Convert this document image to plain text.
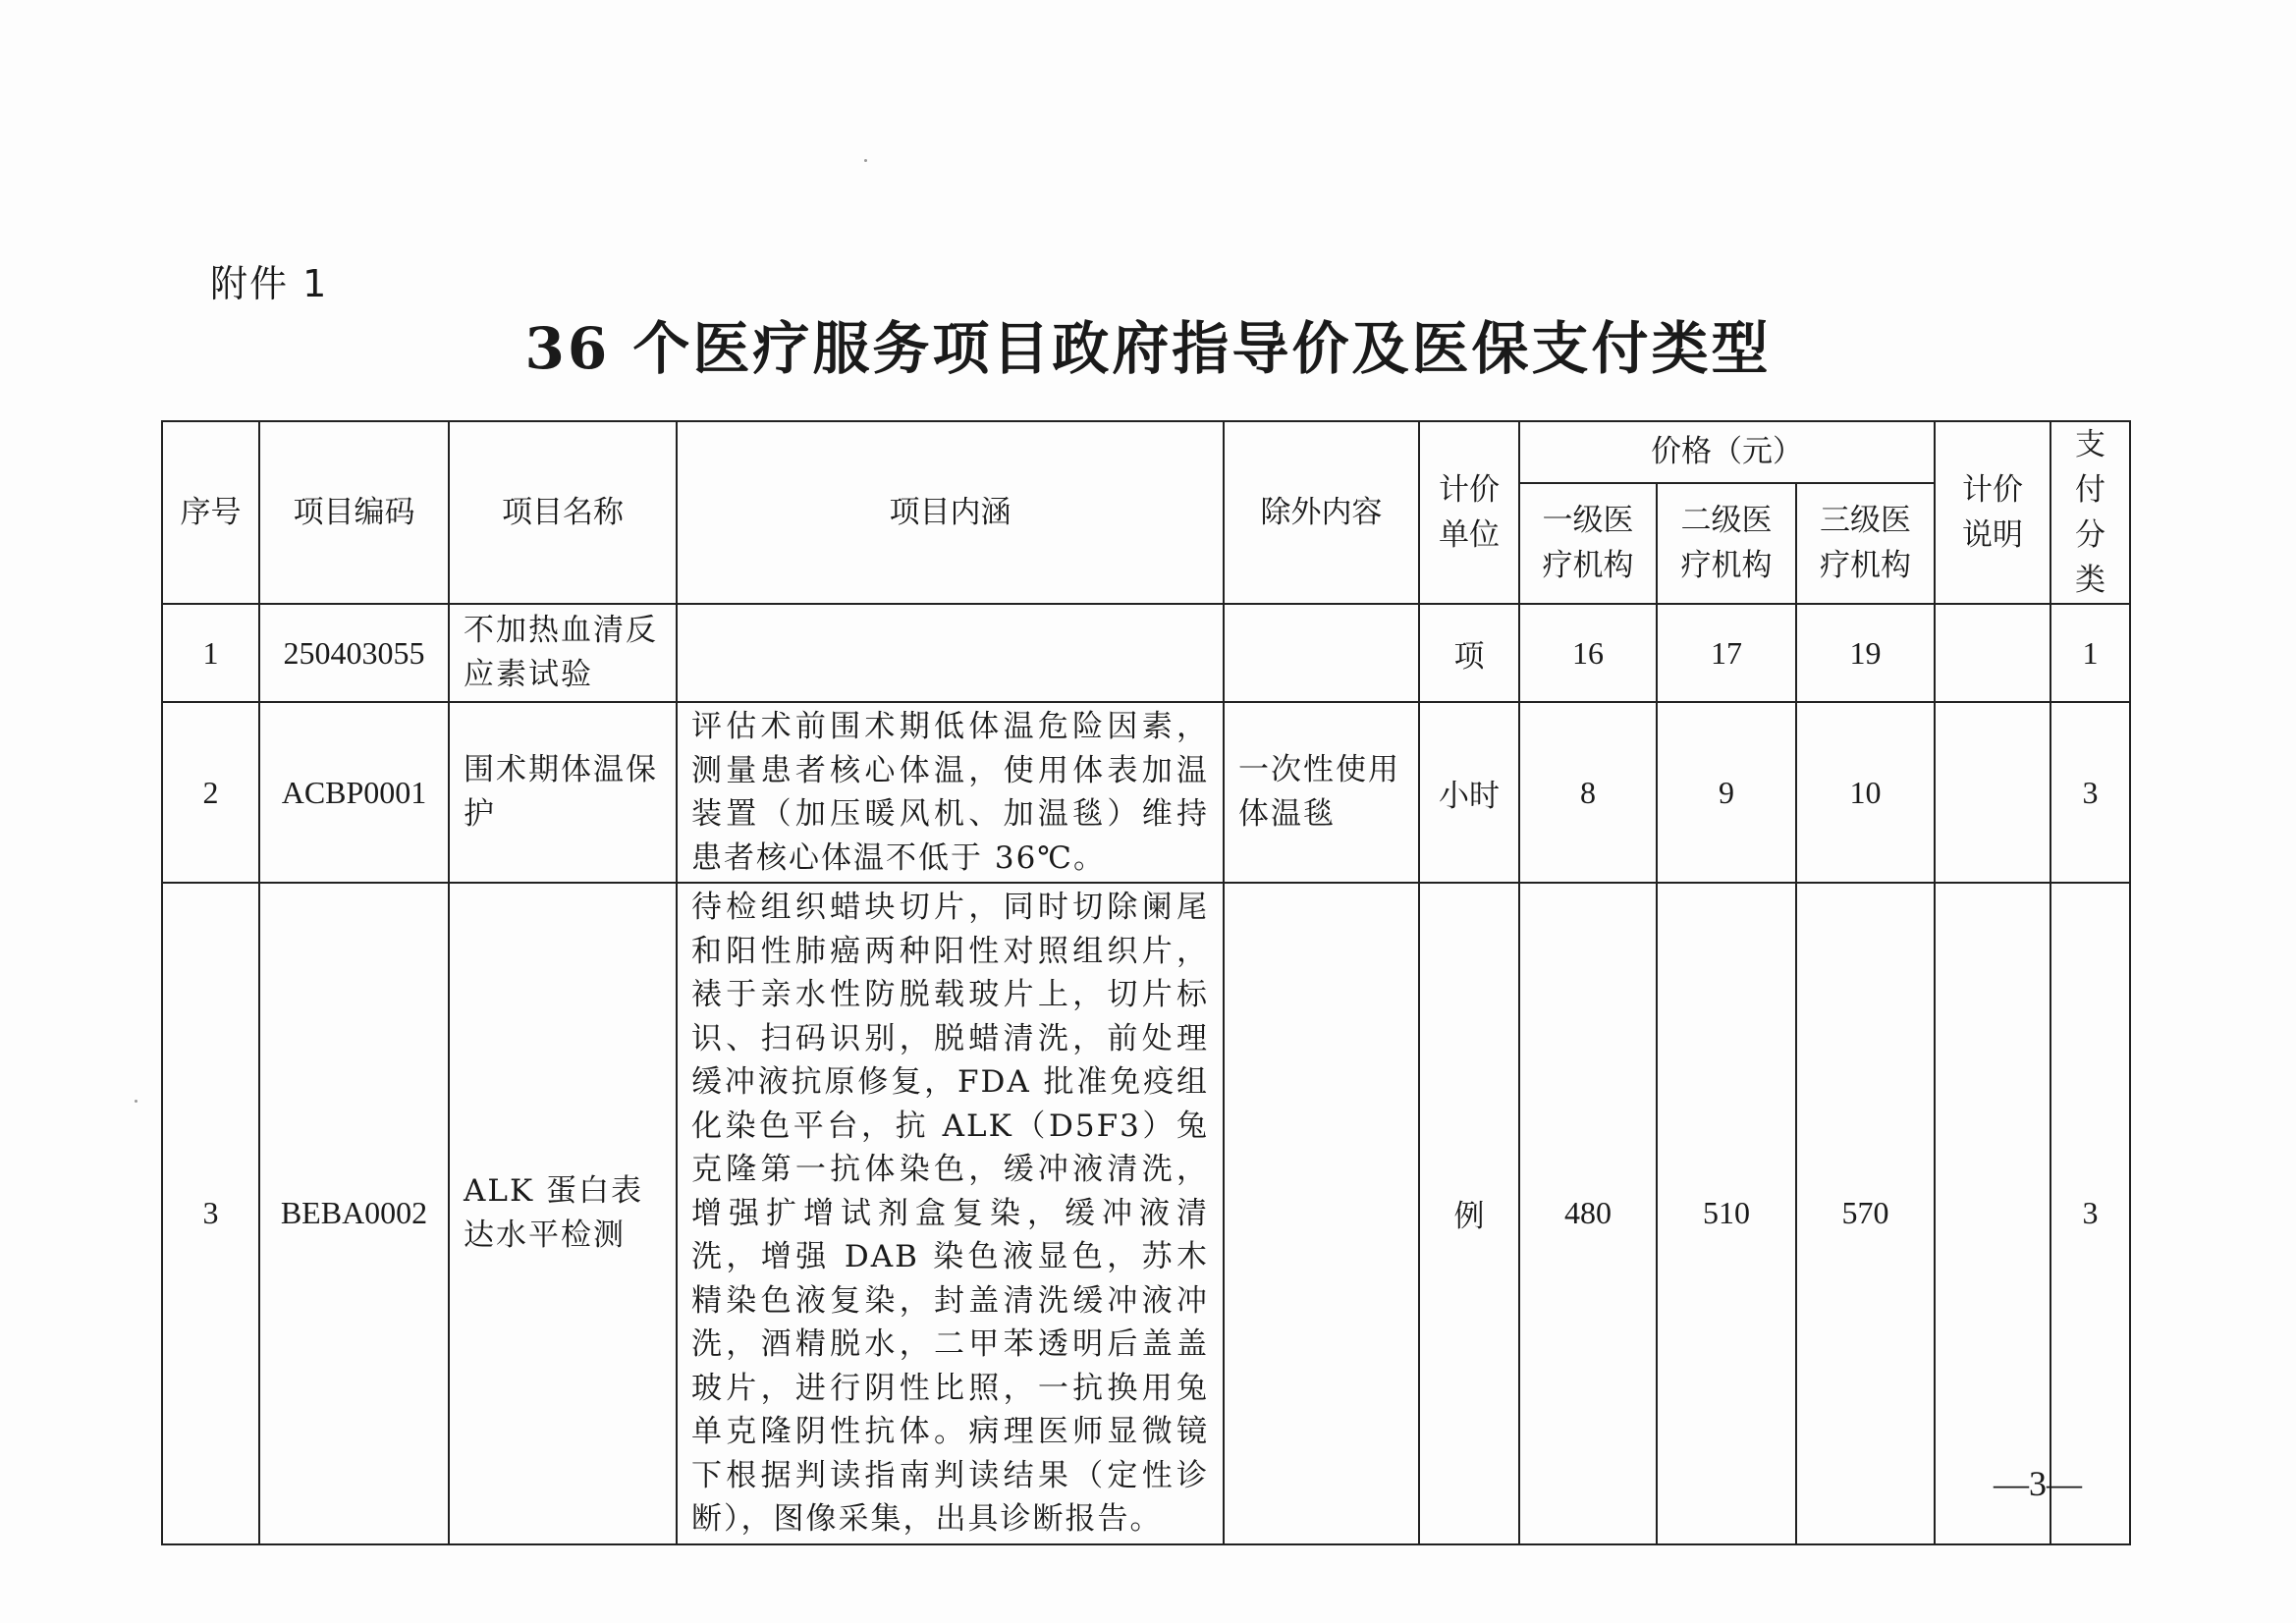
附件 1
36 个医疗服务项目政府指导价及医保支付类型
序号	项目编码	项目名称	项目内涵	除外内容	计价单位	价格（元）			计价说明	支付分类
						一级医疗机构	二级医疗机构	三级医疗机构		
1	250403055	不加热血清反应素试验			项	16	17	19		1
2	ACBP0001	围术期体温保护	评估术前围术期低体温危险因素，测量患者核心体温，使用体表加温装置（加压暖风机、加温毯）维持患者核心体温不低于 36℃。	一次性使用体温毯	小时	8	9	10		3
3	BEBA0002	ALK 蛋白表达水平检测	待检组织蜡块切片，同时切除阑尾和阳性肺癌两种阳性对照组织片，裱于亲水性防脱载玻片上，切片标识、扫码识别，脱蜡清洗，前处理缓冲液抗原修复，FDA 批准免疫组化染色平台，抗 ALK（D5F3）兔克隆第一抗体染色，缓冲液清洗，增强扩增试剂盒复染，缓冲液清洗，增强 DAB 染色液显色，苏木精染色液复染，封盖清洗缓冲液冲洗，酒精脱水，二甲苯透明后盖盖玻片，进行阴性比照，一抗换用兔单克隆阴性抗体。病理医师显微镜下根据判读指南判读结果（定性诊断），图像采集，出具诊断报告。		例	480	510	570		3
—3—
